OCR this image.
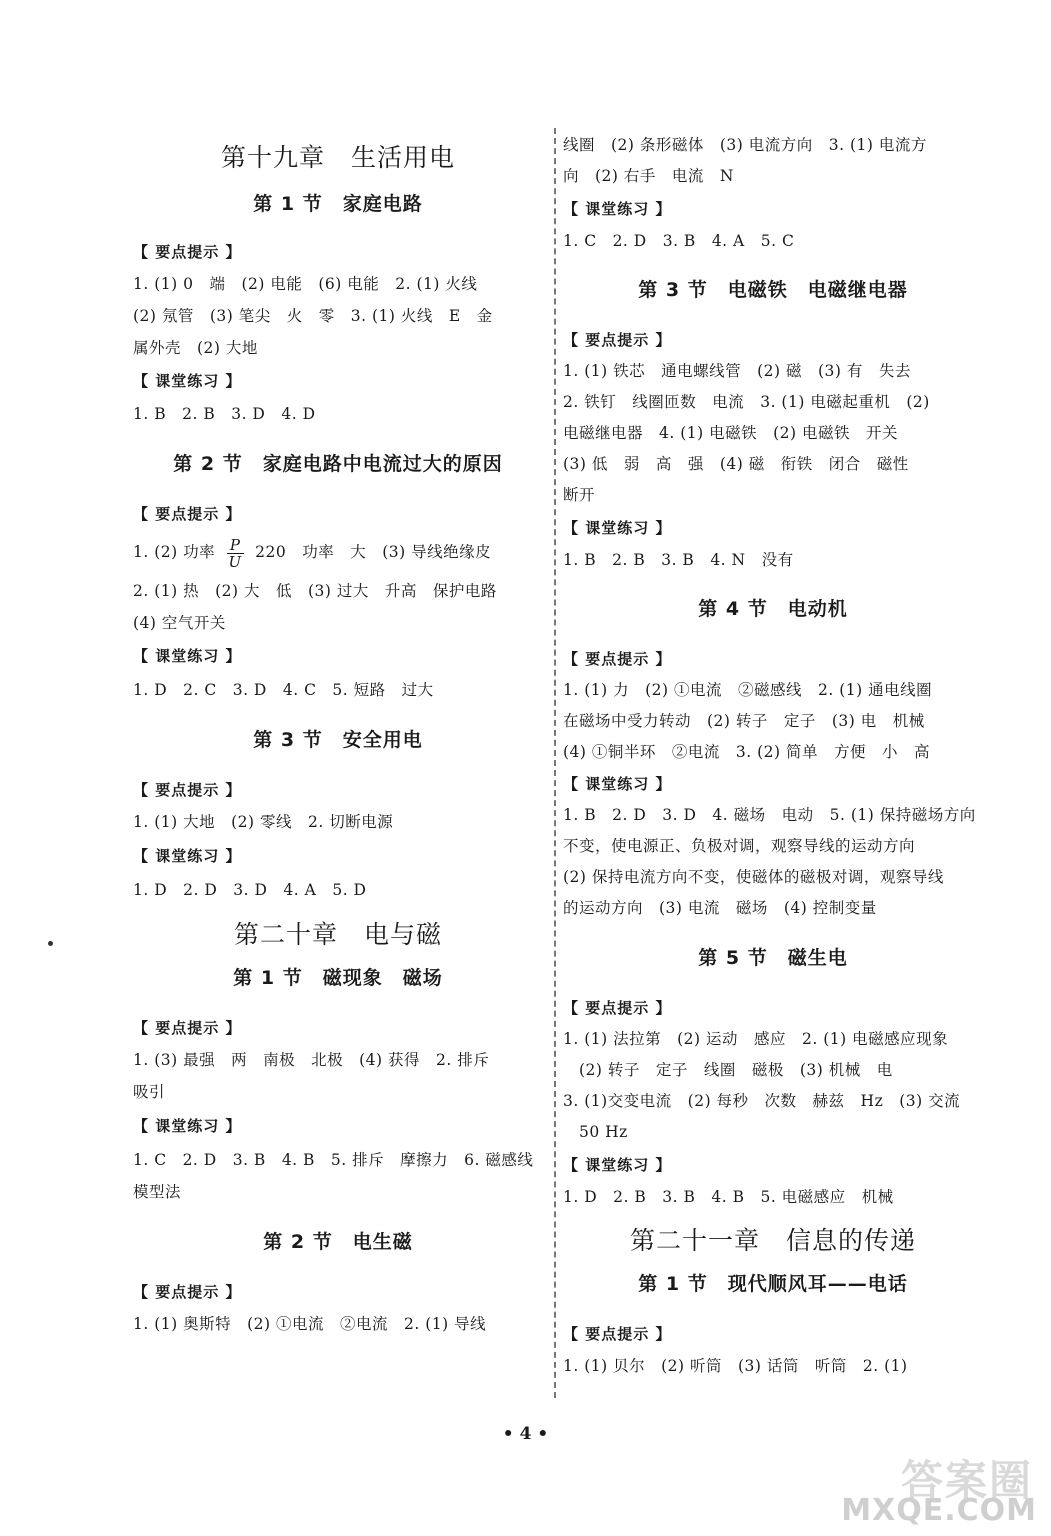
第十九章　生活用电
第 1 节　家庭电路
【 要点提示 】
1. (1) 0　端　(2) 电能　(6) 电能　2. (1) 火线
(2) 氖管　(3) 笔尖　火　零　3. (1) 火线　E　金
属外壳　(2) 大地
【 课堂练习 】
1. B　2. B　3. D　4. D
第 2 节　家庭电路中电流过大的原因
【 要点提示 】
1. (2) 功率 $\frac{P}{U} 220$　功率　大　(3) 导线绝缘皮
2. (1) 热　(2) 大　低　(3) 过大　升高　保护电路
(4) 空气开关
【 课堂练习 】
1. D　2. C　3. D　4. C　5. 短路　过大
第 3 节　安全用电
【 要点提示 】
1. (1) 大地　(2) 零线　2. 切断电源
【 课堂练习 】
1. D　2. D　3. D　4. A　5. D
第二十章　电与磁
第 1 节　磁现象　磁场
【 要点提示 】
1. (3) 最强　两　南极　北极　(4) 获得　2. 排斥
吸引
【 课堂练习 】
1. C　2. D　3. B　4. B　5. 排斥　摩擦力　6. 磁感线
模型法
第 2 节　电生磁
【 要点提示 】
1. (1) 奥斯特　(2) ①电流　②电流　2. (1) 导线
线圈　(2) 条形磁体　(3) 电流方向　3. (1) 电流方
向　(2) 右手　电流　N
【 课堂练习 】
1. C　2. D　3. B　4. A　5. C
第 3 节　电磁铁　电磁继电器
【 要点提示 】
1. (1) 铁芯　通电螺线管　(2) 磁　(3) 有　失去
2. 铁钉　线圈匝数　电流　3. (1) 电磁起重机　(2)
电磁继电器　4. (1) 电磁铁　(2) 电磁铁　开关
(3) 低　弱　高　强　(4) 磁　衔铁　闭合　磁性
断开
【 课堂练习 】
1. B　2. B　3. B　4. N　没有
第 4 节　电动机
【 要点提示 】
1. (1) 力　(2) ①电流　②磁感线　2. (1) 通电线圈
在磁场中受力转动　(2) 转子　定子　(3) 电　机械
(4) ①铜半环　②电流　3. (2) 简单　方便　小　高
【 课堂练习 】
1. B　2. D　3. D　4. 磁场　电动　5. (1) 保持磁场方向
不变，使电源正、负极对调，观察导线的运动方向
(2) 保持电流方向不变，使磁体的磁极对调，观察导线
的运动方向　(3) 电流　磁场　(4) 控制变量
第 5 节　磁生电
【 要点提示 】
1. (1) 法拉第　(2) 运动　感应　2. (1) 电磁感应现象
　(2) 转子　定子　线圈　磁极　(3) 机械　电
3. (1)交变电流　(2) 每秒　次数　赫兹　Hz　(3) 交流
　50 Hz
【 课堂练习 】
1. D　2. B　3. B　4. B　5. 电磁感应　机械
第二十一章　信息的传递
第 1 节　现代顺风耳——电话
【 要点提示 】
1. (1) 贝尔　(2) 听筒　(3) 话筒　听筒　2. (1)
• 4 •
答案圈
MXQE.COM
